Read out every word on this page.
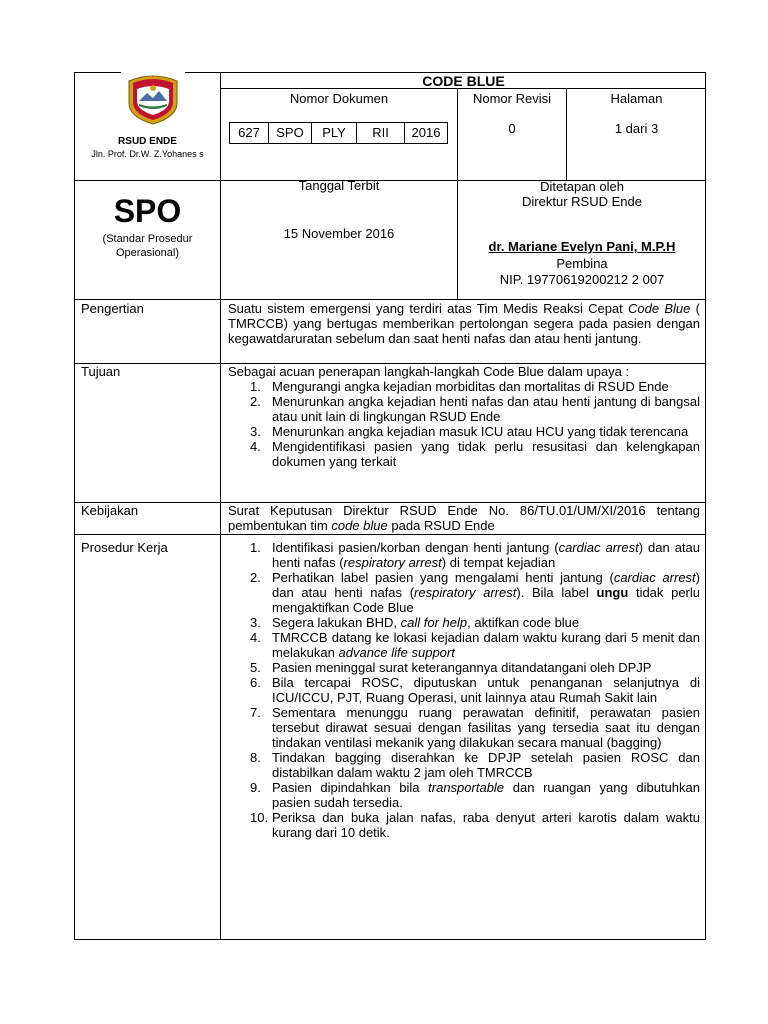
RSUD ENDE
Jln. Prof. Dr.W. Z.Yohanes s
CODE BLUE
Nomor Dokumen	Nomor Revisi	Halaman
627	SPO	PLY	RII	2016	0	1 dari 3
SPO
(Standar Prosedur
Operasional)
Tanggal Terbit
15 November 2016
Ditetapan oleh
Direktur RSUD Ende
dr. Mariane Evelyn Pani, M.P.H
Pembina
NIP. 19770619200212 2 007
Pengertian	Suatu sistem emergensi yang terdiri atas Tim Medis Reaksi Cepat Code Blue ( TMRCCB) yang bertugas memberikan pertolongan segera pada pasien dengan kegawatdaruratan sebelum dan saat henti nafas dan atau henti jantung.
Tujuan	Sebagai acuan penerapan langkah-langkah Code Blue dalam upaya :
1. Mengurangi angka kejadian morbiditas dan mortalitas di RSUD Ende
2. Menurunkan angka kejadian henti nafas dan atau henti jantung di bangsal atau unit lain di lingkungan RSUD Ende
3. Menurunkan angka kejadian masuk ICU atau HCU yang tidak terencana
4. Mengidentifikasi pasien yang tidak perlu resusitasi dan kelengkapan dokumen yang terkait
Kebijakan	Surat Keputusan Direktur RSUD Ende No. 86/TU.01/UM/XI/2016 tentang pembentukan tim code blue pada RSUD Ende
Prosedur Kerja	1. Identifikasi pasien/korban dengan henti jantung (cardiac arrest) dan atau henti nafas (respiratory arrest) di tempat kejadian
2. Perhatikan label pasien yang mengalami henti jantung (cardiac arrest) dan atau henti nafas (respiratory arrest). Bila label ungu tidak perlu mengaktifkan Code Blue
3. Segera lakukan BHD, call for help, aktifkan code blue
4. TMRCCB datang ke lokasi kejadian dalam waktu kurang dari 5 menit dan melakukan advance life support
5. Pasien meninggal surat keterangannya ditandatangani oleh DPJP
6. Bila tercapai ROSC, diputuskan untuk penanganan selanjutnya di ICU/ICCU, PJT, Ruang Operasi, unit lainnya atau Rumah Sakit lain
7. Sementara menunggu ruang perawatan definitif, perawatan pasien tersebut dirawat sesuai dengan fasilitas yang tersedia saat itu dengan tindakan ventilasi mekanik yang dilakukan secara manual (bagging)
8. Tindakan bagging diserahkan ke DPJP setelah pasien ROSC dan distabilkan dalam waktu 2 jam oleh TMRCCB
9. Pasien dipindahkan bila transportable dan ruangan yang dibutuhkan pasien sudah tersedia.
10. Periksa dan buka jalan nafas, raba denyut arteri karotis dalam waktu kurang dari 10 detik.
